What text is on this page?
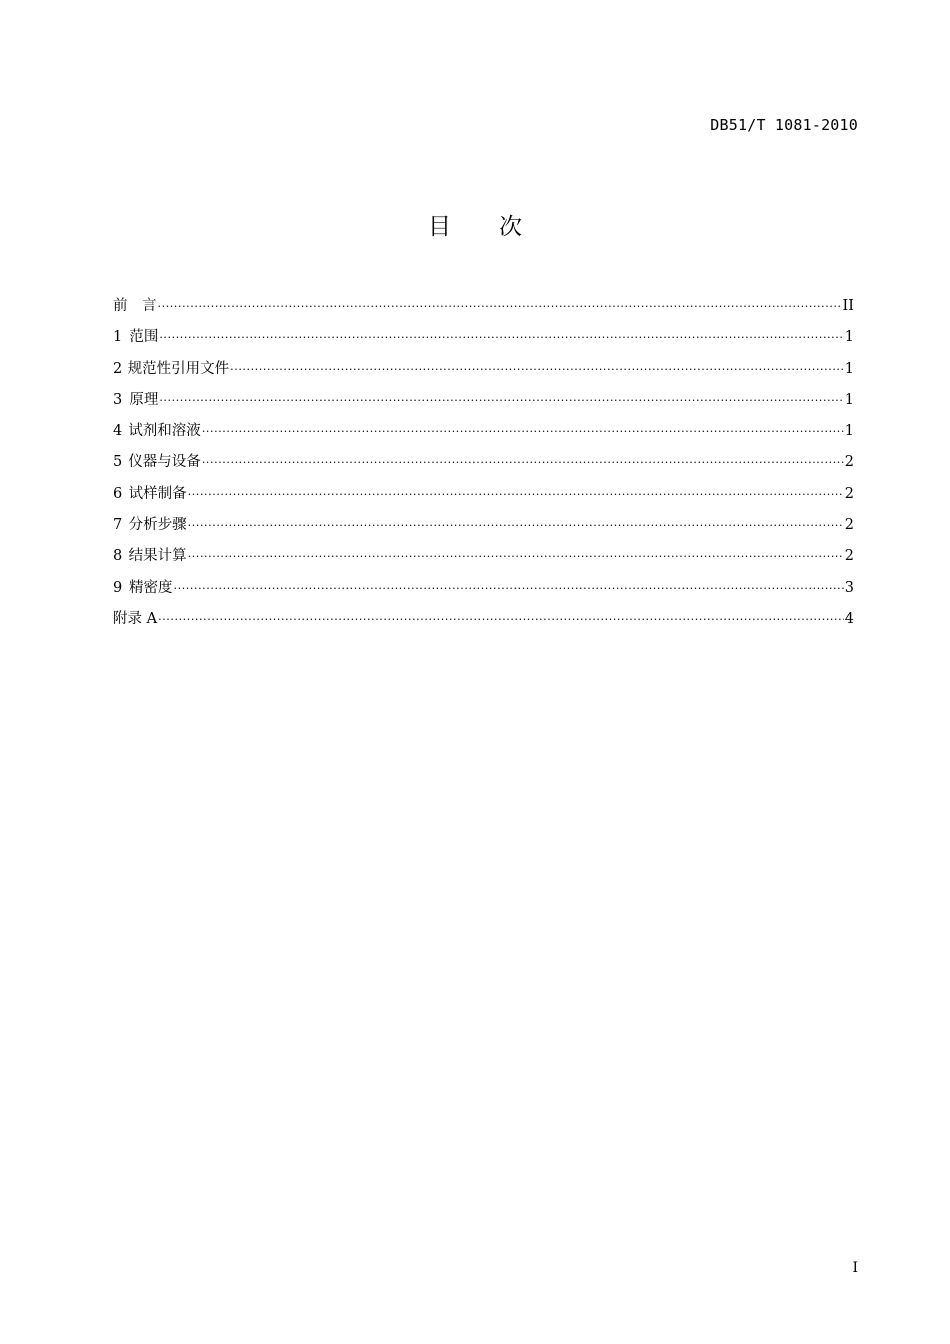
DB51/T 1081-2010
目次
前　言 ·····	II
1 范围 ·····	1
2 规范性引用文件 ·····	1
3 原理 ·····	1
4 试剂和溶液 ·····	1
5 仪器与设备 ·····	2
6 试样制备 ·····	2
7 分析步骤 ·····	2
8 结果计算 ·····	2
9 精密度 ·····	3
附录 A ·····	4
I
